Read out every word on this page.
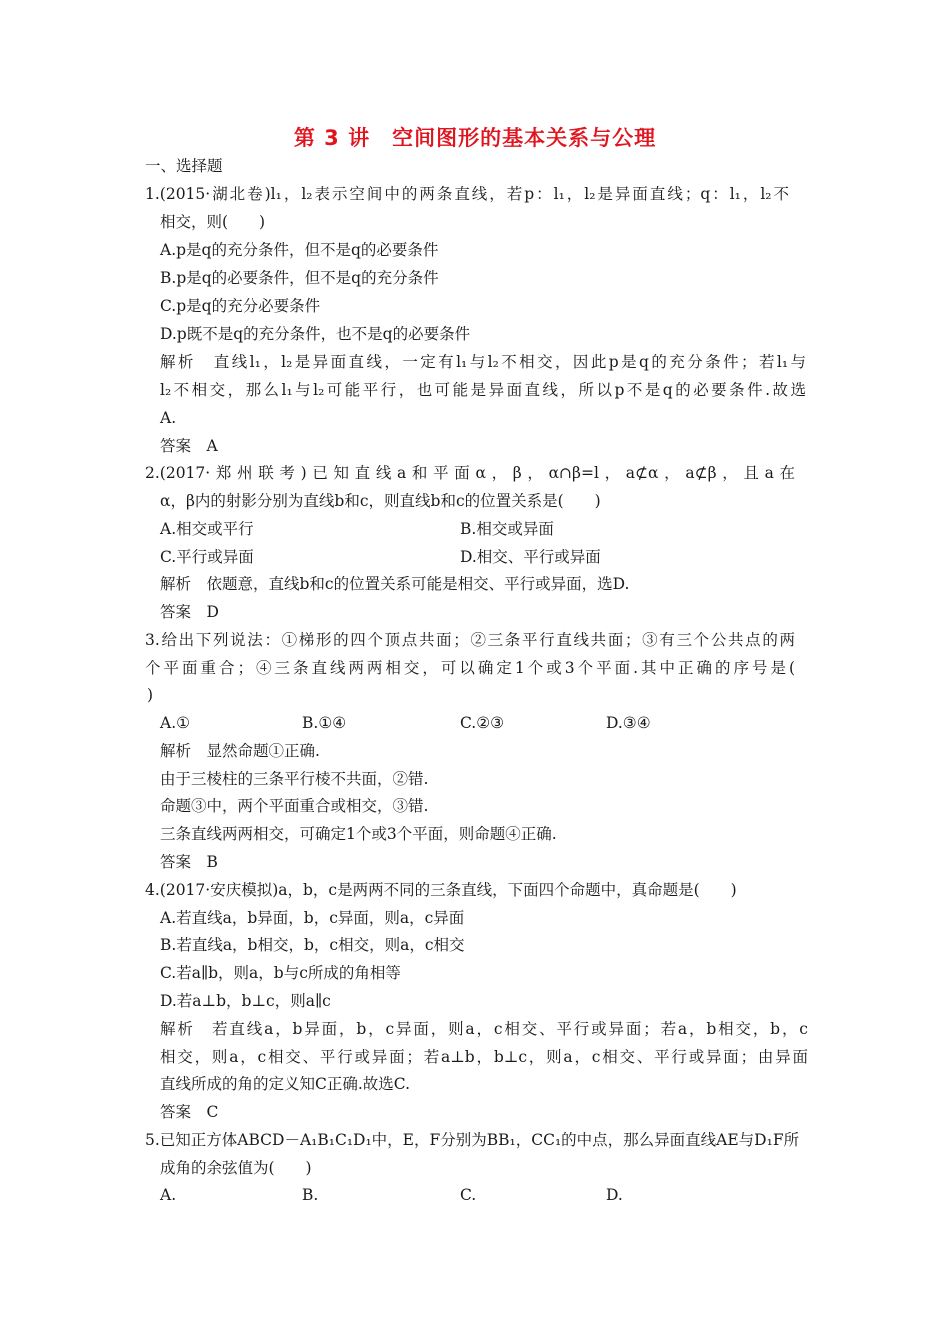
第 3 讲　空间图形的基本关系与公理
一、选择题
1.(2015·湖北卷)l₁，l₂表示空间中的两条直线，若p：l₁，l₂是异面直线；q：l₁，l₂不
相交，则(　　)
A.p是q的充分条件，但不是q的必要条件
B.p是q的必要条件，但不是q的充分条件
C.p是q的充分必要条件
D.p既不是q的充分条件，也不是q的必要条件
解析　直线l₁，l₂是异面直线，一定有l₁与l₂不相交，因此p是q的充分条件；若l₁与
l₂不相交，那么l₁与l₂可能平行，也可能是异面直线，所以p不是q的必要条件.故选
A.
答案　A
2.(2017·郑州联考)已知直线a和平面α，β，α∩β=l，a⊄α，a⊄β，且a在
α，β内的射影分别为直线b和c，则直线b和c的位置关系是(　　)
A.相交或平行	B.相交或异面
C.平行或异面	D.相交、平行或异面
解析　依题意，直线b和c的位置关系可能是相交、平行或异面，选D.
答案　D
3.给出下列说法：①梯形的四个顶点共面；②三条平行直线共面；③有三个公共点的两
个平面重合；④三条直线两两相交，可以确定1个或3个平面.其中正确的序号是(
)
A.①	B.①④	C.②③	D.③④
解析　显然命题①正确.
由于三棱柱的三条平行棱不共面，②错.
命题③中，两个平面重合或相交，③错.
三条直线两两相交，可确定1个或3个平面，则命题④正确.
答案　B
4.(2017·安庆模拟)a，b，c是两两不同的三条直线，下面四个命题中，真命题是(　　)
A.若直线a，b异面，b，c异面，则a，c异面
B.若直线a，b相交，b，c相交，则a，c相交
C.若a∥b，则a，b与c所成的角相等
D.若a⊥b，b⊥c，则a∥c
解析　若直线a，b异面，b，c异面，则a，c相交、平行或异面；若a，b相交，b，c
相交，则a，c相交、平行或异面；若a⊥b，b⊥c，则a，c相交、平行或异面；由异面
直线所成的角的定义知C正确.故选C.
答案　C
5.已知正方体ABCD－A₁B₁C₁D₁中，E，F分别为BB₁，CC₁的中点，那么异面直线AE与D₁F所
成角的余弦值为(　　)
A.	B.	C.	D.
